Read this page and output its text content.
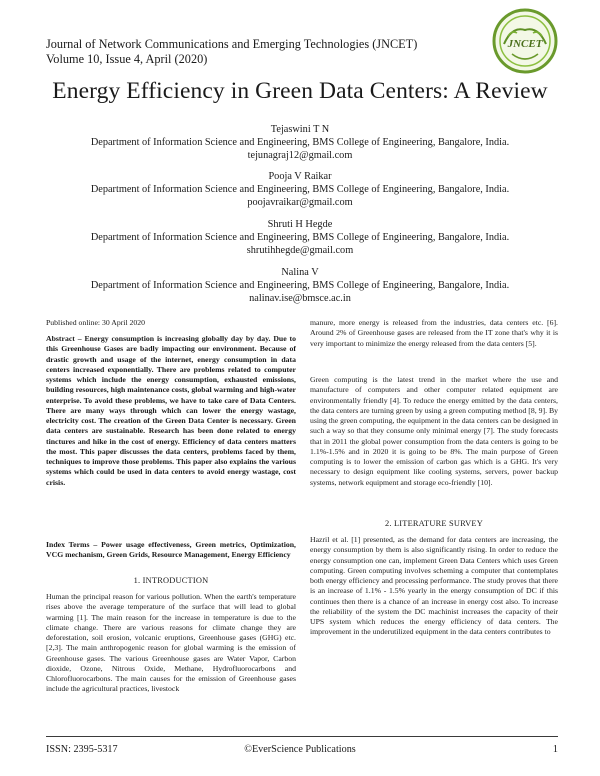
Journal of Network Communications and Emerging Technologies (JNCET)
Volume 10, Issue 4, April (2020)
JNCET
Energy Efficiency in Green Data Centers: A Review
Tejaswini T N
Department of Information Science and Engineering, BMS College of Engineering, Bangalore, India.
tejunagraj12@gmail.com
Pooja V Raikar
Department of Information Science and Engineering, BMS College of Engineering, Bangalore, India.
poojavraikar@gmail.com
Shruti H Hegde
Department of Information Science and Engineering, BMS College of Engineering, Bangalore, India.
shrutihhegde@gmail.com
Nalina V
Department of Information Science and Engineering, BMS College of Engineering, Bangalore, India.
nalinav.ise@bmsce.ac.in
Published online: 30 April 2020

Abstract – Energy consumption is increasing globally day by day. Due to this Greenhouse Gases are badly impacting our environment. Because of drastic growth and usage of the internet, energy consumption in data centers increased exponentially. There are problems related to computer systems which include the energy consumption, exhausted emissions, building resources, high maintenance costs, global warming and high-water enterprise. To avoid these problems, we have to take care of Data Centers. There are many ways through which can lower the energy wastage, electricity cost. The creation of the Green Data Center is necessary. Green data centers are sustainable. Research has been done related to energy tinctures and hike in the cost of energy. Efficiency of data centers matters the most. This paper discusses the data centers, problems faced by them, techniques to improve those problems. This paper also explains the various systems which could be used in data centers to avoid energy wastage, cost crisis.

Index Terms – Power usage effectiveness, Green metrics, Optimization, VCG mechanism, Green Grids, Resource Management, Energy Efficiency

1. INTRODUCTION

Human the principal reason for various pollution. When the earth's temperature rises above the average temperature of the surface that will lead to global warming [1]. The main reason for the increase in temperature is due to the climate change. There are various reasons for climate change they are deforestation, soil erosion, volcanic eruptions, Greenhouse gases (GHG) etc. [2,3]. The main anthropogenic reason for global warming is the emission of Greenhouse gases. The various Greenhouse gases are Water Vapor, Carbon dioxide, Ozone, Nitrous Oxide, Methane, Hydrofluorocarbons and Chlorofluorocarbons. The main causes for the emission of Greenhouse gases include the agricultural practices, livestock

manure, more energy is released from the industries, data centers etc. [6]. Around 2% of Greenhouse gases are released from the IT zone that's why it is very important to minimize the energy released from the data centers [5].

Green computing is the latest trend in the market where the use and manufacture of computers and other computer related equipment are environmentally friendly [4]. To reduce the energy emitted by the data centers, the data centers are turning green by using a green computing method [8, 9]. By using the green computing, the equipment in the data centers can be designed in such a way so that they consume only minimal energy [7]. The study forecasts that in 2011 the global power consumption from the data centers is going to be 1.1%-1.5% and in 2020 it is going to be 8%. The main purpose of Green computing is to lower the emission of carbon gas which is a GHG. It's very necessary to design equipment like cooling systems, servers, power backup systems, network equipment and storage eco-friendly [10].

2. LITERATURE SURVEY

Hazril et al. [1] presented, as the demand for data centers are increasing, the energy consumption by them is also significantly rising. In order to reduce the energy consumption one can, implement Green Data Centers which uses Green computing. Green computing involves scheming a computer that contemplates both energy efficiency and processing performance. The study proves that there is an increase of 1.1% - 1.5% yearly in the energy consumption of DC if this continues then there is a chance of an increase in energy cost also. To increase the reliability of the system the DC machinist increases the capacity of their UPS system which reduces the energy efficiency of data centers. The improvement in the underutilized equipment in the data centers contributes to

ISSN: 2395-5317	©EverScience Publications	1
